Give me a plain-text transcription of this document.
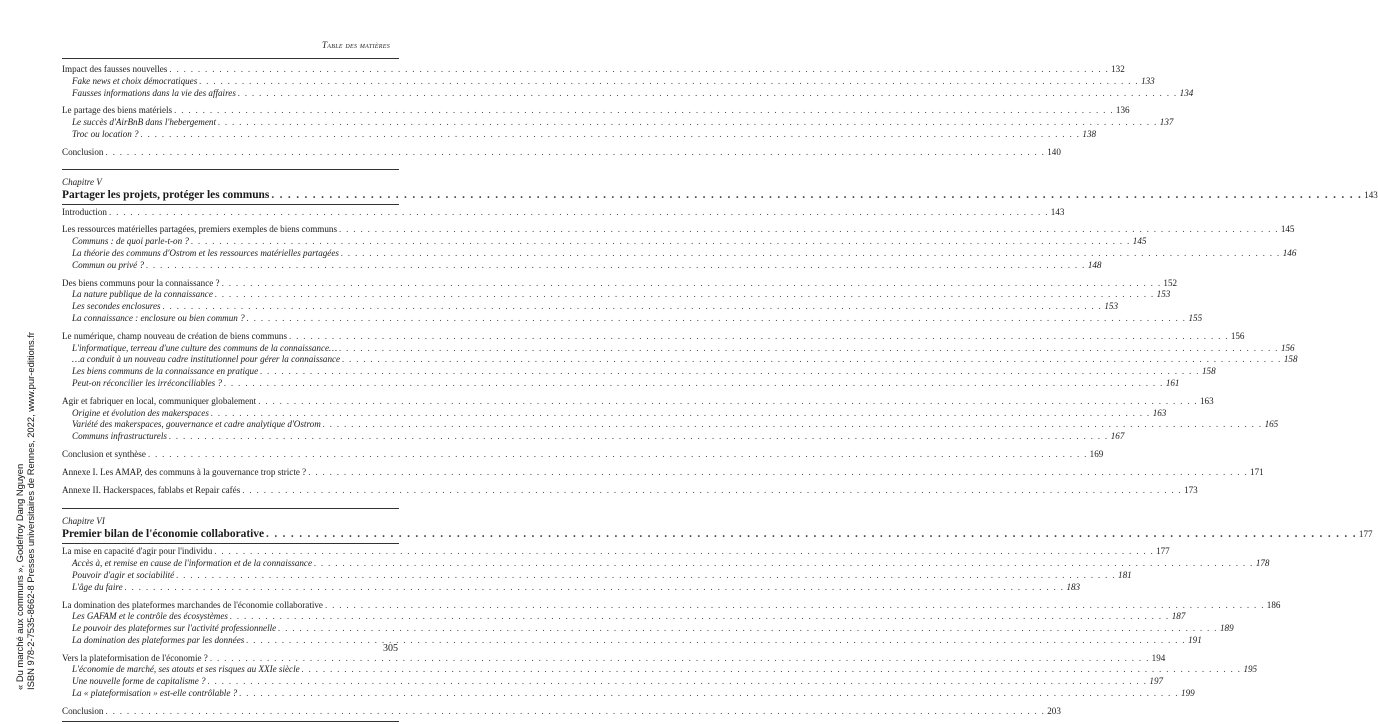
Table des matières
Impact des fausses nouvelles . . .	132
Fake news et choix démocratiques . . .	133
Fausses informations dans la vie des affaires . . .	134
Le partage des biens matériels . . .	136
Le succès d'AirBnB dans l'hebergement . . .	137
Troc ou location ? . . .	138
Conclusion . . .	140
Chapitre V
Partager les projets, protéger les communs . . .	143
Introduction . . .	143
Les ressources matérielles partagées, premiers exemples de biens communs . . .	145
Communs : de quoi parle-t-on ? . . .	145
La théorie des communs d'Ostrom et les ressources matérielles partagées . . .	146
Commun ou privé ? . . .	148
Des biens communs pour la connaissance ? . . .	152
La nature publique de la connaissance . . .	153
Les secondes enclosures . . .	153
La connaissance : enclosure ou bien commun ? . . .	155
Le numérique, champ nouveau de création de biens communs . . .	156
L'informatique, terreau d'une culture des communs de la connaissance… . . .	156
…a conduit à un nouveau cadre institutionnel pour gérer la connaissance . . .	158
Les biens communs de la connaissance en pratique . . .	158
Peut-on réconcilier les irréconciliables ? . . .	161
Agir et fabriquer en local, communiquer globalement . . .	163
Origine et évolution des makerspaces . . .	163
Variété des makerspaces, gouvernance et cadre analytique d'Ostrom . . .	165
Communs infrastructurels . . .	167
Conclusion et synthèse . . .	169
Annexe I. Les AMAP, des communs à la gouvernance trop stricte ? . . .	171
Annexe II. Hackerspaces, fablabs et Repair cafés . . .	173
Chapitre VI
Premier bilan de l'économie collaborative . . .	177
La mise en capacité d'agir pour l'individu . . .	177
Accès à, et remise en cause de l'information et de la connaissance . . .	178
Pouvoir d'agir et sociabilité . . .	181
L'âge du faire . . .	183
La domination des plateformes marchandes de l'économie collaborative . . .	186
Les GAFAM et le contrôle des écosystèmes . . .	187
Le pouvoir des plateformes sur l'activité professionnelle . . .	189
La domination des plateformes par les données . . .	191
Vers la plateformisation de l'économie ? . . .	194
L'économie de marché, ses atouts et ses risques au XXIe siècle . . .	195
Une nouvelle forme de capitalisme ? . . .	197
La « plateformisation » est-elle contrôlable ? . . .	199
Conclusion . . .	203
305
« Du marché aux communs », Godefroy Dang Nguyen ISBN 978-2-7535-8662-8 Presses universitaires de Rennes, 2022, www.pur-editions.fr
